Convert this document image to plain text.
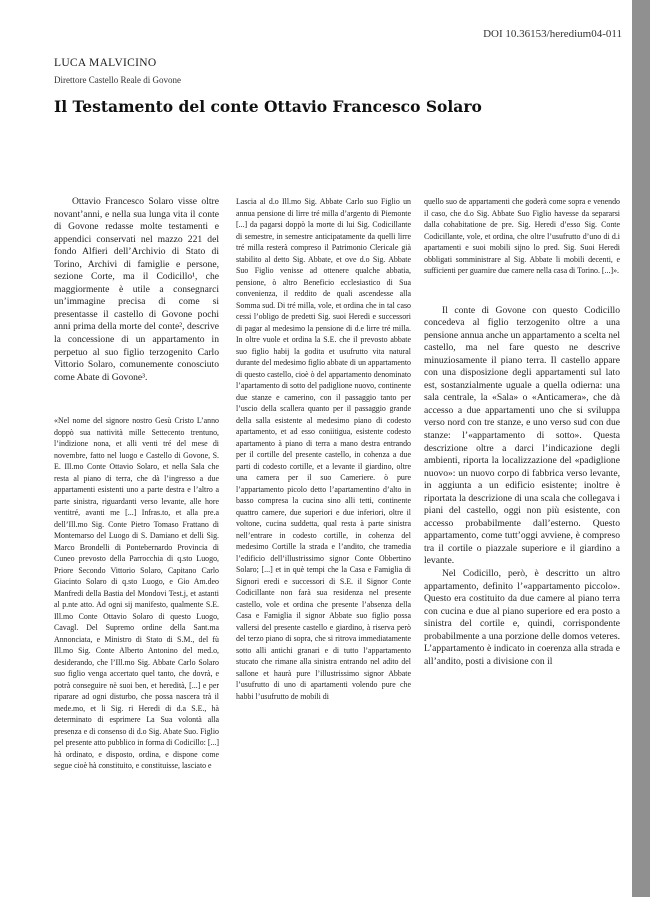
DOI 10.36153/heredium04-011
LUCA MALVICINO
Direttore Castello Reale di Govone
Il Testamento del conte Ottavio Francesco Solaro

Ottavio Francesco Solaro visse oltre novant’anni, e nella sua lunga vita il conte di Govone redasse molte testamenti e appendici conservati nel mazzo 221 del fondo Alfieri dell’Archivio di Stato di Torino, Archivi di famiglie e persone, sezione Corte, ma il Codicillo¹, che maggiormente è utile a consegnarci un’immagine precisa di come si presentasse il castello di Govone pochi anni prima della morte del conte², descrive la concessione di un appartamento in perpetuo al suo figlio terzogenito Carlo Vittorio Solaro, comunemente conosciuto come Abate di Govone³.

«Nel nome del signore nostro Gesù Cristo L’anno doppò sua nattività mille Settecento trentuno, l’indizione nona, et alli venti tré del mese di novembre, fatto nel luogo e Castello di Govone, S. E. Ill.mo Conte Ottavio Solaro, et nella Sala che resta al piano di terra, che dà l’ingresso a due appartamenti esistenti uno a parte destra e l’altro a parte sinistra, riguardanti verso levante, alle hore ventitré, avanti me [...] Infras.to, et alla pre.a dell’Ill.mo Sig. Conte Pietro Tomaso Frattano di Montemarso del Luogo di S. Damiano et delli Sig. Marco Brondelli di Pontebernardo Provincia di Cuneo prevosto della Parrocchia di q.sto Luogo, Priore Secondo Vittorio Solaro, Capitano Carlo Giacinto Solaro di q.sto Luogo, e Gio Am.deo Manfredi della Bastia del Mondovi Test.j, et astanti al p.nte atto. Ad ogni sij manifesto, qualmente S.E. Ill.mo Conte Ottavio Solaro di questo Luogo, Cavagl. Del Supremo ordine della Sant.ma Annonciata, e Ministro di Stato di S.M., del fù Ill.mo Sig. Conte Alberto Antonino del med.o, desiderando, che l’Ill.mo Sig. Abbate Carlo Solaro suo figlio venga accertato quel tanto, che dovrà, e potrà conseguire nè suoi ben, et heredità, [...] e per riparare ad ogni disturbo, che possa nascera trà il mede.mo, et li Sig. ri Heredi di d.a S.E., hà determinato di esprimere La Sua volontà alla presenza e di consenso di d.o Sig. Abate Suo. Figlio pel presente atto pubblico in forma di Codicillo: [...] hà ordinato, e disposto, ordina, e dispone come segue cioè hà constituito, e constituisse, lasciato e

Lascia al d.o Ill.mo Sig. Abbate Carlo suo Figlio un annua pensione di lirre tré milla d’argento di Piemonte [...] da pagarsi doppò la morte di lui Sig. Codicillante di semestre, in semestre anticipatamente da quelli lirre tré milla resterà compreso il Patrimonio Clericale già stabilito al detto Sig. Abbate, et ove d.o Sig. Abbate Suo Figlio venisse ad ottenere qualche abbatia, pensione, ò altro Beneficio ecclesiastico di Sua convenienza, il reddito de quali ascendesse alla Somma sud. Di tré milla, vole, et ordina che in tal caso cessi l’obligo de predetti Sig. suoi Heredi e successori di pagar al medesimo la pensione di d.e lirre tré milla. In oltre vuole et ordina la S.E. che il prevosto abbate suo figlio habij la godita et usufrutto vita natural durante del medesimo figlio abbate di un appartamento di questo castello, cioè ò del appartamento denominato l’apartamento di sotto del padiglione nuovo, continente due stanze e camerino, con il passaggio tanto per l’uscio della scallera quanto per il passaggio grande della salla esistente al medesimo piano di codesto apartamento, et ad esso coniitigua, esistente codesto apartamento à piano di terra a mano destra entrando per il cortille del presente castello, in cohenza a due parti di codesto cortille, et a levante il giardino, oltre una camera per il suo Cameriere. ò pure l’appartamento picolo detto l’apartamentino d’alto in basso compresa la cucina sino alli tetti, continente quattro camere, due superiori e due inferiori, oltre il voltone, cucina suddetta, qual resta à parte sinistra nell’entrare in codesto cortille, in cohenza del medesimo Cortille la strada e l’andito, che tramedia l’edificio dell’illustrissimo signor Conte Obbertino Solaro; [...] et in què tempi che la Casa e Famiglia di Signori eredi e successori di S.E. il Signor Conte Codicillante non farà sua residenza nel presente castello, vole et ordina che presente l’absenza della Casa e Famiglia il signor Abbate suo figlio possa vallersi del presente castello e giardino, à riserva però del terzo piano di sopra, che si ritrova immediatamente sotto alli antichi granari e di tutto l’appartamento stucato che rimane alla sinistra entrando nel adito del sallone et haurà pure l’illustrissimo signor Abbate l’usufrutto di uno di apartamenti volendo pure che habbi l’usufrutto de mobili di

quello suo de appartamenti che goderà come sopra e venendo il caso, che d.o Sig. Abbate Suo Figlio havesse da separarsi dalla cohabitatione de pre. Sig. Heredi d’esso Sig. Conte Codicillante, vole, et ordina, che oltre l’usufrutto d’uno di d.i apartamenti e suoi mobili sijno lo pred. Sig. Suoi Heredi obbligati somministrare al Sig. Abbate li mobili decenti, e sufficienti per guarnire due camere nella casa di Torino. [...]».

Il conte di Govone con questo Codicillo concedeva al figlio terzogenito oltre a una pensione annua anche un appartamento a scelta nel castello, ma nel fare questo ne descrive minuziosamente il piano terra. Il castello appare con una disposizione degli appartamenti sul lato est, sostanzialmente uguale a quella odierna: una sala centrale, la «Sala» o «Anticamera», che dà accesso a due appartamenti uno che si sviluppa verso nord con tre stanze, e uno verso sud con due stanze: l’«appartamento di sotto». Questa descrizione oltre a darci l’indicazione degli ambienti, riporta la localizzazione del «padiglione nuovo»: un nuovo corpo di fabbrica verso levante, in aggiunta a un edificio esistente; inoltre è riportata la descrizione di una scala che collegava i piani del castello, oggi non più esistente, con accesso probabilmente dall’esterno. Questo appartamento, come tutt’oggi avviene, è compreso tra il cortile o piazzale superiore e il giardino a levante.

Nel Codicillo, però, è descritto un altro appartamento, definito l’«appartamento piccolo». Questo era costituito da due camere al piano terra con cucina e due al piano superiore ed era posto a sinistra del cortile e, quindi, corrispondente probabilmente a una porzione delle domos veteres. L’appartamento è indicato in coerenza alla strada e all’andito, posti a divisione con il
